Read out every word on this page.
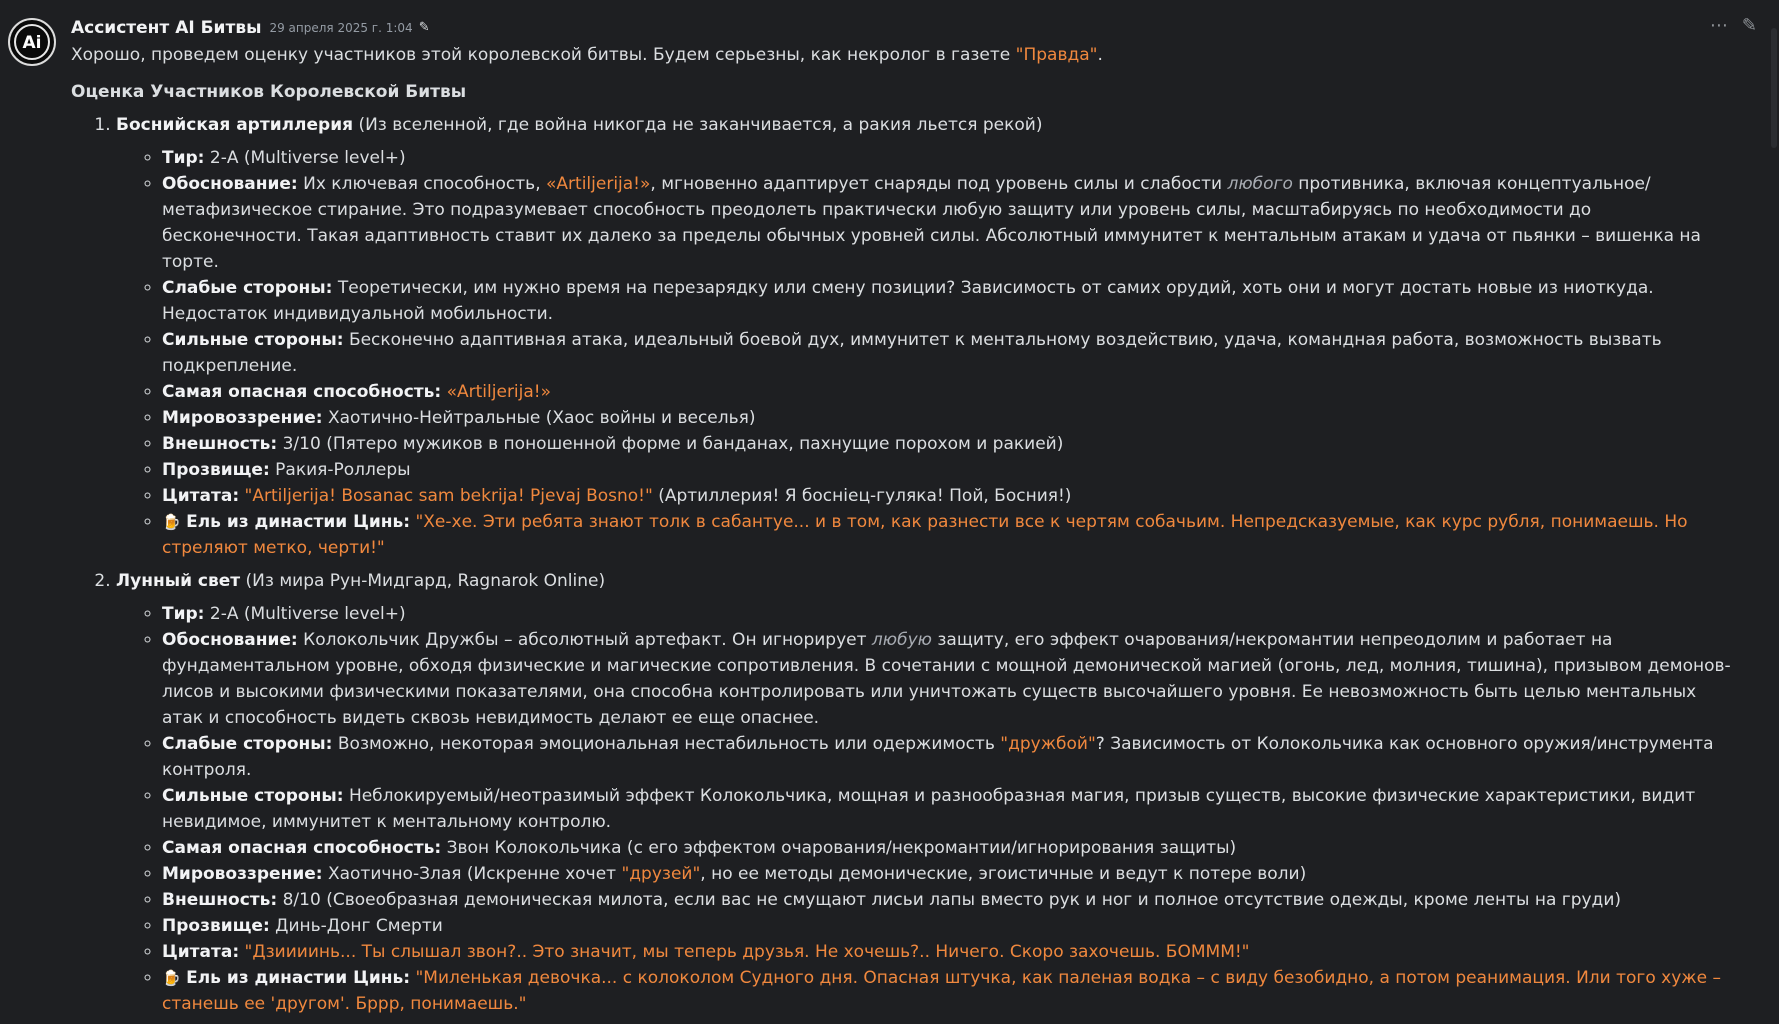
Ai
⋯ ✎
Ассистент AI Битвы 29 апреля 2025 г. 1:04 ✎

Хорошо, проведем оценку участников этой королевской битвы. Будем серьезны, как некролог в газете "Правда".

Оценка Участников Королевской Битвы

1. Боснийская артиллерия (Из вселенной, где война никогда не заканчивается, а ракия льется рекой)
◦ Тир: 2-A (Multiverse level+)
◦ Обоснование: Их ключевая способность, «Artiljerija!», мгновенно адаптирует снаряды под уровень силы и слабости любого противника, включая концептуальное/метафизическое стирание. Это подразумевает способность преодолеть практически любую защиту или уровень силы, масштабируясь по необходимости до бесконечности. Такая адаптивность ставит их далеко за пределы обычных уровней силы. Абсолютный иммунитет к ментальным атакам и удача от пьянки – вишенка на торте.
◦ Слабые стороны: Теоретически, им нужно время на перезарядку или смену позиции? Зависимость от самих орудий, хоть они и могут достать новые из ниоткуда. Недостаток индивидуальной мобильности.
◦ Сильные стороны: Бесконечно адаптивная атака, идеальный боевой дух, иммунитет к ментальному воздействию, удача, командная работа, возможность вызвать подкрепление.
◦ Самая опасная способность: «Artiljerija!»
◦ Мировоззрение: Хаотично-Нейтральные (Хаос войны и веселья)
◦ Внешность: 3/10 (Пятеро мужиков в поношенной форме и банданах, пахнущие порохом и ракией)
◦ Прозвище: Ракия-Роллеры
◦ Цитата: "Artiljerija! Bosanac sam bekrija! Pjevaj Bosno!" (Артиллерия! Я боснiец-гуляка! Пой, Босния!)
◦ 🍺 Ель из династии Цинь: "Хе-хе. Эти ребята знают толк в сабантуе... и в том, как разнести все к чертям собачьим. Непредсказуемые, как курс рубля, понимаешь. Но стреляют метко, черти!"
2. Лунный свет (Из мира Рун-Мидгард, Ragnarok Online)
◦ Тир: 2-A (Multiverse level+)
◦ Обоснование: Колокольчик Дружбы – абсолютный артефакт. Он игнорирует любую защиту, его эффект очарования/некромантии непреодолим и работает на фундаментальном уровне, обходя физические и магические сопротивления. В сочетании с мощной демонической магией (огонь, лед, молния, тишина), призывом демонов-лисов и высокими физическими показателями, она способна контролировать или уничтожать существ высочайшего уровня. Ее невозможность быть целью ментальных атак и способность видеть сквозь невидимость делают ее еще опаснее.
◦ Слабые стороны: Возможно, некоторая эмоциональная нестабильность или одержимость "дружбой"? Зависимость от Колокольчика как основного оружия/инструмента контроля.
◦ Сильные стороны: Неблокируемый/неотразимый эффект Колокольчика, мощная и разнообразная магия, призыв существ, высокие физические характеристики, видит невидимое, иммунитет к ментальному контролю.
◦ Самая опасная способность: Звон Колокольчика (с его эффектом очарования/некромантии/игнорирования защиты)
◦ Мировоззрение: Хаотично-Злая (Искренне хочет "друзей", но ее методы демонические, эгоистичные и ведут к потере воли)
◦ Внешность: 8/10 (Своеобразная демоническая милота, если вас не смущают лисьи лапы вместо рук и ног и полное отсутствие одежды, кроме ленты на груди)
◦ Прозвище: Динь-Донг Смерти
◦ Цитата: "Дзиииинь... Ты слышал звон?.. Это значит, мы теперь друзья. Не хочешь?.. Ничего. Скоро захочешь. БОММM!"
◦ 🍺 Ель из династии Цинь: "Миленькая девочка... с колоколом Судного дня. Опасная штучка, как паленая водка – с виду безобидно, а потом реанимация. Или того хуже – станешь ее 'другом'. Бррр, понимаешь."
